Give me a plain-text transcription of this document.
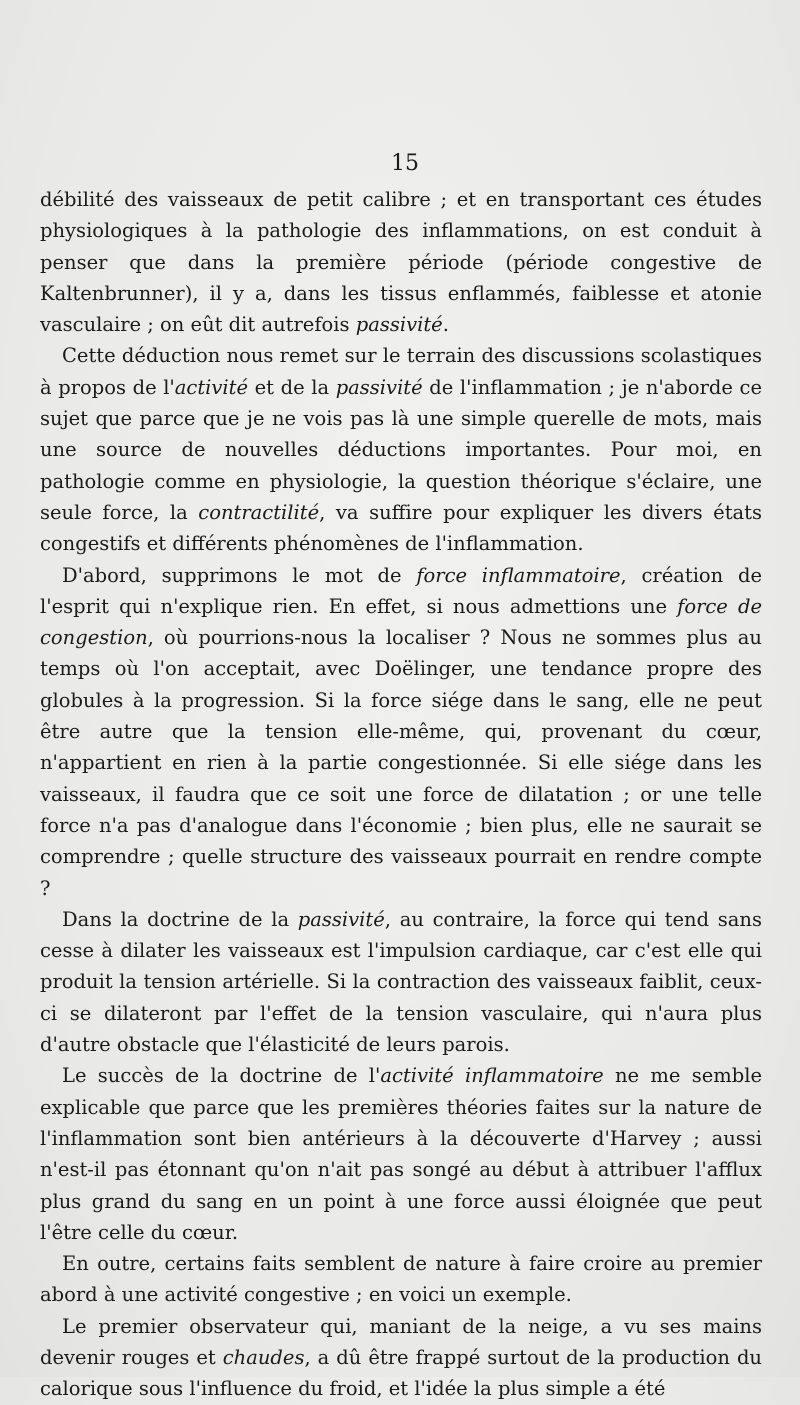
15

débilité des vaisseaux de petit calibre ; et en transportant ces études physiologiques à la pathologie des inflammations, on est conduit à penser que dans la première période (période congestive de Kaltenbrunner), il y a, dans les tissus enflammés, faiblesse et atonie vasculaire ; on eût dit autrefois passivité.

Cette déduction nous remet sur le terrain des discussions scolastiques à propos de l'activité et de la passivité de l'inflammation ; je n'aborde ce sujet que parce que je ne vois pas là une simple querelle de mots, mais une source de nouvelles déductions importantes. Pour moi, en pathologie comme en physiologie, la question théorique s'éclaire, une seule force, la contractilité, va suffire pour expliquer les divers états congestifs et différents phénomènes de l'inflammation.

D'abord, supprimons le mot de force inflammatoire, création de l'esprit qui n'explique rien. En effet, si nous admettions une force de congestion, où pourrions-nous la localiser ? Nous ne sommes plus au temps où l'on acceptait, avec Doëlinger, une tendance propre des globules à la progression. Si la force siége dans le sang, elle ne peut être autre que la tension elle-même, qui, provenant du cœur, n'appartient en rien à la partie congestionnée. Si elle siége dans les vaisseaux, il faudra que ce soit une force de dilatation ; or une telle force n'a pas d'analogue dans l'économie ; bien plus, elle ne saurait se comprendre ; quelle structure des vaisseaux pourrait en rendre compte ?

Dans la doctrine de la passivité, au contraire, la force qui tend sans cesse à dilater les vaisseaux est l'impulsion cardiaque, car c'est elle qui produit la tension artérielle. Si la contraction des vaisseaux faiblit, ceux-ci se dilateront par l'effet de la tension vasculaire, qui n'aura plus d'autre obstacle que l'élasticité de leurs parois.

Le succès de la doctrine de l'activité inflammatoire ne me semble explicable que parce que les premières théories faites sur la nature de l'inflammation sont bien antérieurs à la découverte d'Harvey ; aussi n'est-il pas étonnant qu'on n'ait pas songé au début à attribuer l'afflux plus grand du sang en un point à une force aussi éloignée que peut l'être celle du cœur.

En outre, certains faits semblent de nature à faire croire au premier abord à une activité congestive ; en voici un exemple.

Le premier observateur qui, maniant de la neige, a vu ses mains devenir rouges et chaudes, a dû être frappé surtout de la production du calorique sous l'influence du froid, et l'idée la plus simple a été
